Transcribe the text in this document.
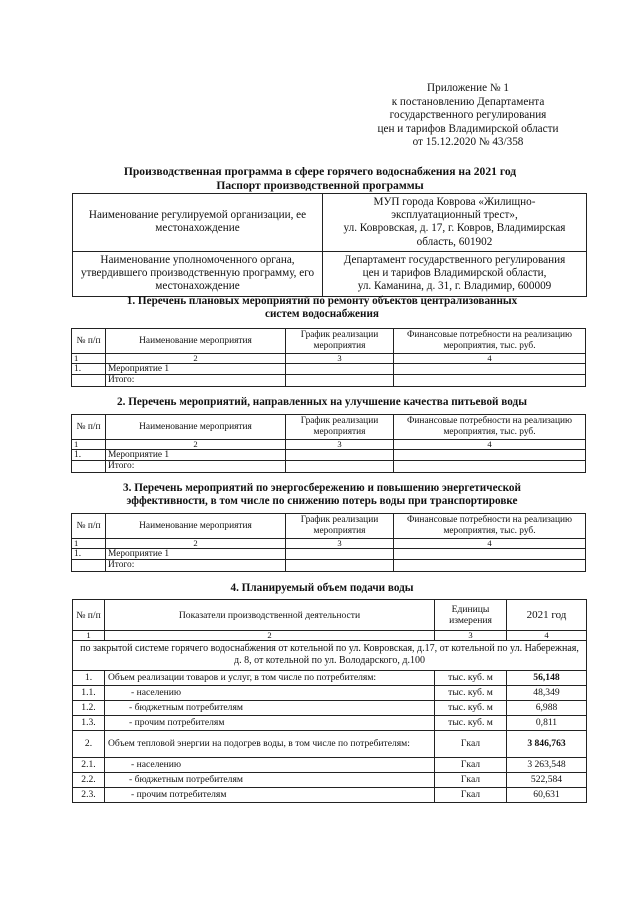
Приложение № 1
к постановлению Департамента
государственного регулирования
цен и тарифов Владимирской области
от 15.12.2020 № 43/358
Производственная программа в сфере горячего водоснабжения на 2021 год
Паспорт производственной программы
Наименование регулируемой организации, ее местонахождение	МУП города Коврова «Жилищно-
эксплуатационный трест»,
ул. Ковровская, д. 17, г. Ковров, Владимирская
область, 601902

Наименование уполномоченного органа, утвердившего производственную программу, его местонахождение	Департамент государственного регулирования
цен и тарифов Владимирской области,
ул. Каманина, д. 31, г. Владимир, 600009
1. Перечень плановых мероприятий по ремонту объектов централизованных
систем водоснабжения
№ п/п	Наименование мероприятия	График реализации мероприятия	Финансовые потребности на реализацию мероприятия, тыс. руб.
1	2	3	4
1.	Мероприятие 1		
	Итого:		
2. Перечень мероприятий, направленных на улучшение качества питьевой воды
№ п/п	Наименование мероприятия	График реализации мероприятия	Финансовые потребности на реализацию мероприятия, тыс. руб.
1	2	3	4
1.	Мероприятие 1		
	Итого:		
3. Перечень мероприятий по энергосбережению и повышению энергетической
эффективности, в том числе по снижению потерь воды при транспортировке
№ п/п	Наименование мероприятия	График реализации мероприятия	Финансовые потребности на реализацию мероприятия, тыс. руб.
1	2	3	4
1.	Мероприятие 1		
	Итого:		
4. Планируемый объем подачи воды
№ п/п	Показатели производственной деятельности	Единицы измерения	2021 год
1	2	3	4
по закрытой системе горячего водоснабжения от котельной по ул. Ковровская, д.17, от котельной по ул. Набережная, д. 8, от котельной по ул. Володарского, д.100			
1.	Объем реализации товаров и услуг, в том числе по потребителям:	тыс. куб. м	56,148
1.1.	- населению	тыс. куб. м	48,349
1.2.	- бюджетным потребителям	тыс. куб. м	6,988
1.3.	- прочим потребителям	тыс. куб. м	0,811
2.	Объем тепловой энергии на подогрев воды, в том числе по потребителям:	Гкал	3 846,763
2.1.	- населению	Гкал	3 263,548
2.2.	- бюджетным потребителям	Гкал	522,584
2.3.	- прочим потребителям	Гкал	60,631
